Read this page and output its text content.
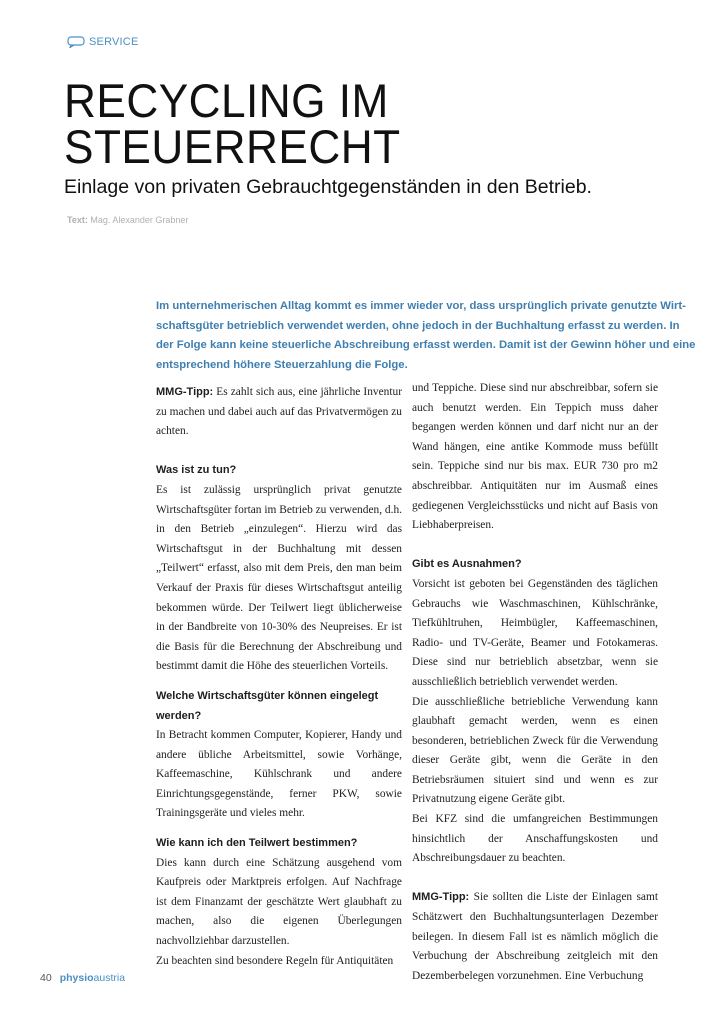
SERVICE
RECYCLING IM
STEUERRECHT
Einlage von privaten Gebrauchtgegenständen in den Betrieb.
Text: Mag. Alexander Grabner
Im unternehmerischen Alltag kommt es immer wieder vor, dass ursprünglich private genutzte Wirt-
schaftsgüter betrieblich verwendet werden, ohne jedoch in der Buchhaltung erfasst zu werden. In
der Folge kann keine steuerliche Abschreibung erfasst werden. Damit ist der Gewinn höher und eine
entsprechend höhere Steuerzahlung die Folge.

MMG-Tipp: Es zahlt sich aus, eine jährliche Inventur zu machen und dabei auch auf das Privatvermögen zu achten.

Was ist zu tun?

Es ist zulässig ursprünglich privat genutzte Wirtschaftsgüter fortan im Betrieb zu verwenden, d.h. in den Betrieb „einzulegen“. Hierzu wird das Wirtschaftsgut in der Buchhaltung mit dessen „Teilwert“ erfasst, also mit dem Preis, den man beim Verkauf der Praxis für dieses Wirtschaftsgut anteilig bekommen würde. Der Teilwert liegt üblicherweise in der Bandbreite von 10-30% des Neupreises. Er ist die Basis für die Berechnung der Abschreibung und bestimmt damit die Höhe des steuerlichen Vorteils.

Welche Wirtschaftsgüter können eingelegt werden?

In Betracht kommen Computer, Kopierer, Handy und andere übliche Arbeitsmittel, sowie Vorhänge, Kaffeemaschine, Kühlschrank und andere Einrichtungsgegenstände, ferner PKW, sowie Trainingsgeräte und vieles mehr.

Wie kann ich den Teilwert bestimmen?

Dies kann durch eine Schätzung ausgehend vom Kaufpreis oder Marktpreis erfolgen. Auf Nachfrage ist dem Finanzamt der geschätzte Wert glaubhaft zu machen, also die eigenen Überlegungen nachvollziehbar darzustellen.

Zu beachten sind besondere Regeln für Antiquitäten

und Teppiche. Diese sind nur abschreibbar, sofern sie auch benutzt werden. Ein Teppich muss daher begangen werden können und darf nicht nur an der Wand hängen, eine antike Kommode muss befüllt sein. Teppiche sind nur bis max. EUR 730 pro m2 abschreibbar. Antiquitäten nur im Ausmaß eines gediegenen Vergleichsstücks und nicht auf Basis von Liebhaberpreisen.

Gibt es Ausnahmen?

Vorsicht ist geboten bei Gegenständen des täglichen Gebrauchs wie Waschmaschinen, Kühlschränke, Tiefkühltruhen, Heimbügler, Kaffeemaschinen, Radio- und TV-Geräte, Beamer und Fotokameras. Diese sind nur betrieblich absetzbar, wenn sie ausschließlich betrieblich verwendet werden.

Die ausschließliche betriebliche Verwendung kann glaubhaft gemacht werden, wenn es einen besonderen, betrieblichen Zweck für die Verwendung dieser Geräte gibt, wenn die Geräte in den Betriebsräumen situiert sind und wenn es zur Privatnutzung eigene Geräte gibt.

Bei KFZ sind die umfangreichen Bestimmungen hinsichtlich der Anschaffungskosten und Abschreibungsdauer zu beachten.

MMG-Tipp: Sie sollten die Liste der Einlagen samt Schätzwert den Buchhaltungsunterlagen Dezember beilegen. In diesem Fall ist es nämlich möglich die Verbuchung der Abschreibung zeitgleich mit den Dezemberbelegen vorzunehmen. Eine Verbuchung

40 physioaustria
